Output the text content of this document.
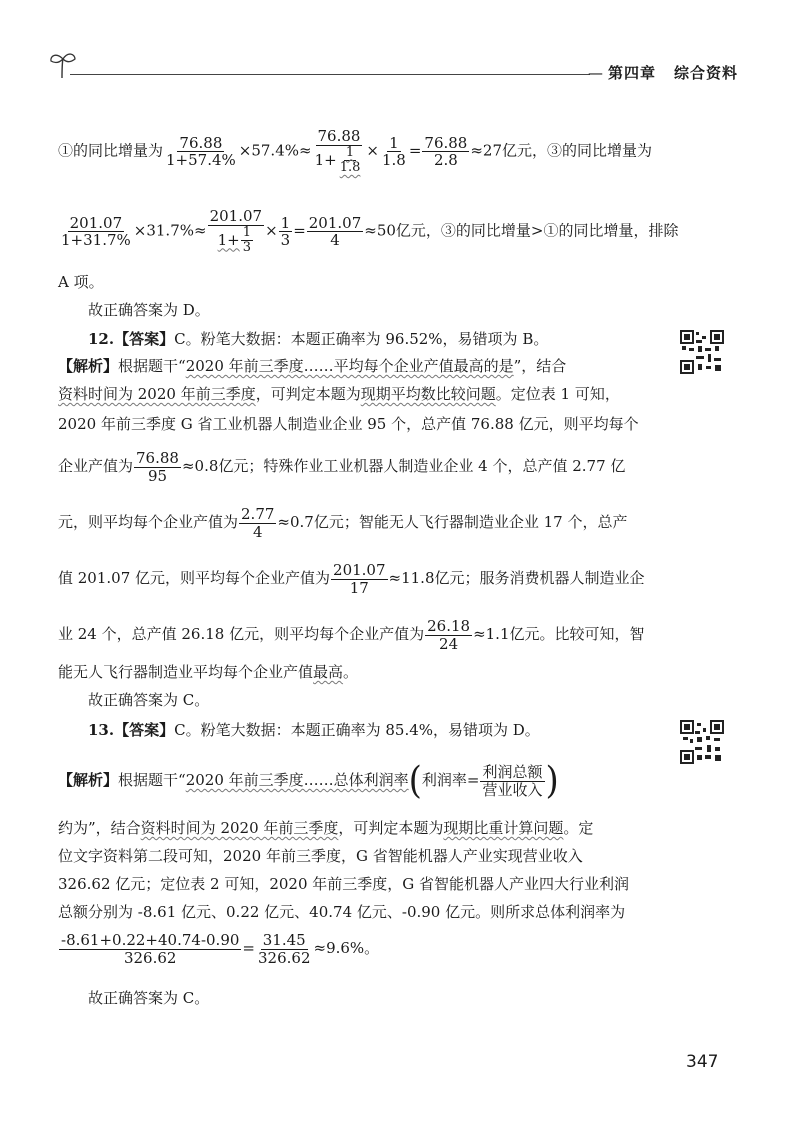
— 第四章 综合资料
①的同比增量为 $\frac{76.88}{1+57.4\%} \times 57.4\%\approx \frac{76.88}{1+ \frac{1}{1.8}} \times \frac{1}{1.8} = \frac{76.88}{2.8} \approx 27$亿元，③的同比增量为
$\frac{201.07}{1+31.7\%} \times 31.7\%\approx \frac{201.07}{1+ \frac{1}{3}} \times \frac{1}{3} = \frac{201.07}{4} \approx 50$亿元，③的同比增量>①的同比增量，排除
A 项。
故正确答案为 D。
12.【答案】C。粉笔大数据：本题正确率为 96.52%，易错项为 B。
【解析】根据题干“2020 年前三季度……平均每个企业产值最高的是”，结合
资料时间为 2020 年前三季度，可判定本题为现期平均数比较问题。定位表 1 可知，
2020 年前三季度 G 省工业机器人制造业企业 95 个，总产值 76.88 亿元，则平均每个
企业产值为 $\frac{76.88}{95} \approx 0.8$亿元；特殊作业工业机器人制造业企业 4 个，总产值 2.77 亿
元，则平均每个企业产值为 $\frac{2.77}{4} \approx 0.7$亿元；智能无人飞行器制造业企业 17 个，总产
值 201.07 亿元，则平均每个企业产值为 $\frac{201.07}{17} \approx 11.8$亿元；服务消费机器人制造业企
业 24 个，总产值 26.18 亿元，则平均每个企业产值为 $\frac{26.18}{24} \approx 1.1$亿元。比较可知，智
能无人飞行器制造业平均每个企业产值最高。
故正确答案为 C。
13.【答案】C。粉笔大数据：本题正确率为 85.4%，易错项为 D。
【解析】根据题干“2020 年前三季度……总体利润率(利润率= $\frac{\text{利润总额}}{\text{营业收入}}$ )
约为”，结合资料时间为 2020 年前三季度，可判定本题为现期比重计算问题。定
位文字资料第二段可知，2020 年前三季度，G 省智能机器人产业实现营业收入
326.62 亿元；定位表 2 可知，2020 年前三季度，G 省智能机器人产业四大行业利润
总额分别为 -8.61 亿元、0.22 亿元、40.74 亿元、-0.90 亿元。则所求总体利润率为
$\frac{-8.61+0.22+40.74-0.90}{326.62} = \frac{31.45}{326.62} \approx 9.6\%$。
故正确答案为 C。
347
